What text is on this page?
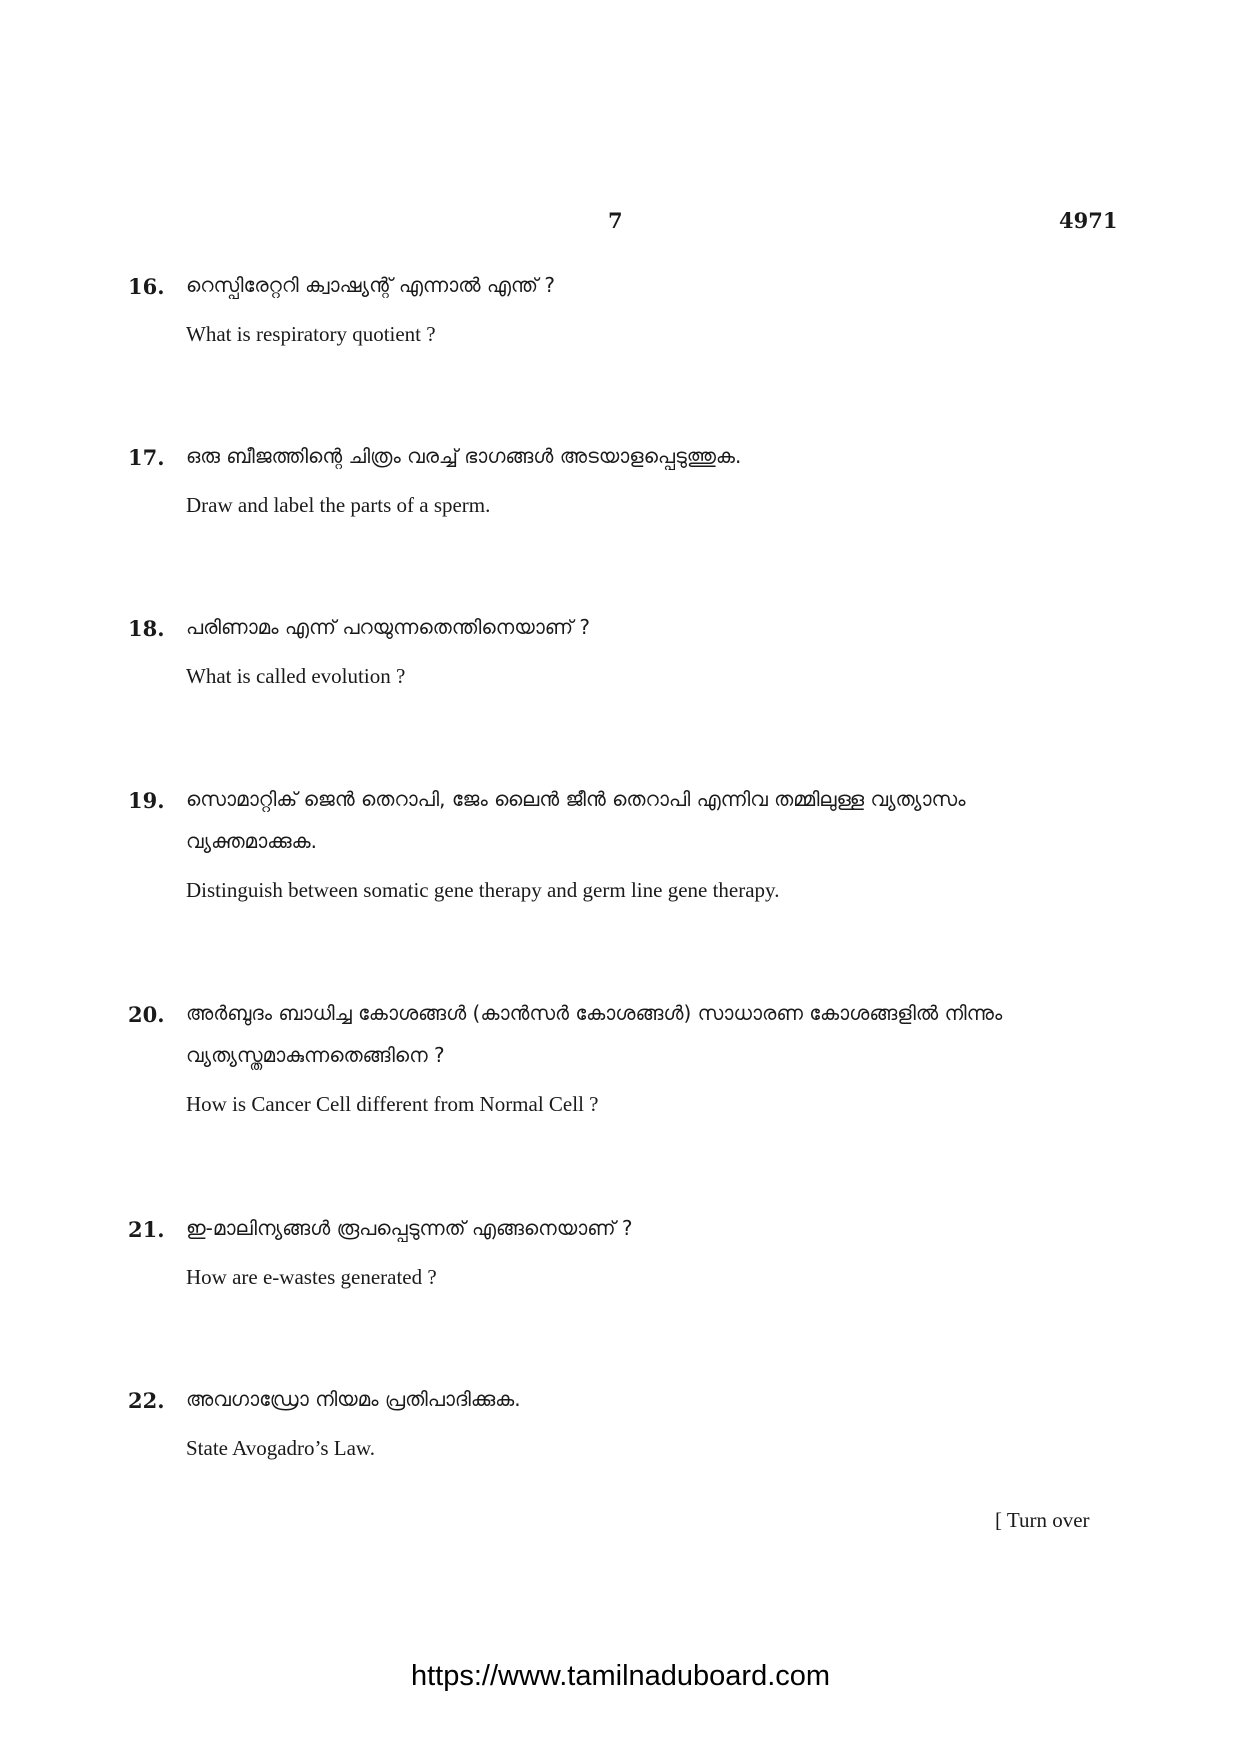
7	4971
16. റെസ്പിരേറ്ററി ക്വാഷ്യന്റ് എന്നാൽ എന്ത് ?
What is respiratory quotient ?
17. ഒരു ബീജത്തിന്റെ ചിത്രം വരച്ച് ഭാഗങ്ങൾ അടയാളപ്പെടുത്തുക.
Draw and label the parts of a sperm.
18. പരിണാമം എന്ന് പറയുന്നതെന്തിനെയാണ് ?
What is called evolution ?
19. സൊമാറ്റിക് ജെൻ തെറാപി, ജേം ലൈൻ ജീൻ തെറാപി എന്നിവ തമ്മിലുള്ള വ്യത്യാസം വ്യക്തമാക്കുക.
Distinguish between somatic gene therapy and germ line gene therapy.
20. അർബുദം ബാധിച്ച കോശങ്ങൾ (കാൻസർ കോശങ്ങൾ) സാധാരണ കോശങ്ങളിൽ നിന്നും വ്യത്യസ്തമാകുന്നതെങ്ങിനെ ?
How is Cancer Cell different from Normal Cell ?
21. ഇ-മാലിന്യങ്ങൾ രൂപപ്പെടുന്നത് എങ്ങനെയാണ് ?
How are e-wastes generated ?
22. അവഗാഡ്രോ നിയമം പ്രതിപാദിക്കുക.
State Avogadro’s Law.
[ Turn over
https://www.tamilnaduboard.com
